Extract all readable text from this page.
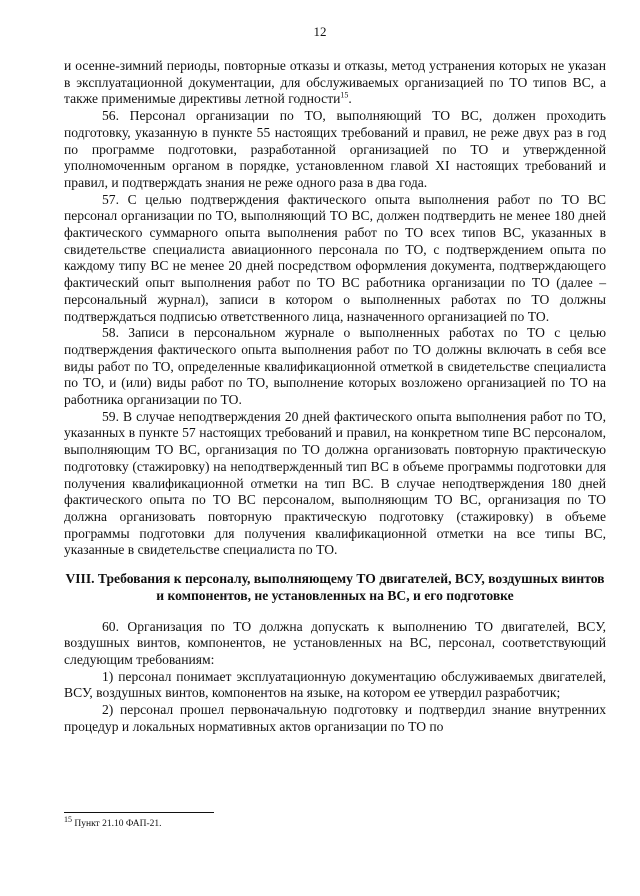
12

и осенне-зимний периоды, повторные отказы и отказы, метод устранения которых не указан в эксплуатационной документации, для обслуживаемых организацией по ТО типов ВС, а также применимые директивы летной годности$^{15}$.

56. Персонал организации по ТО, выполняющий ТО ВС, должен проходить подготовку, указанную в пункте 55 настоящих требований и правил, не реже двух раз в год по программе подготовки, разработанной организацией по ТО и утвержденной уполномоченным органом в порядке, установленном главой XI настоящих требований и правил, и подтверждать знания не реже одного раза в два года.

57. С целью подтверждения фактического опыта выполнения работ по ТО ВС персонал организации по ТО, выполняющий ТО ВС, должен подтвердить не менее 180 дней фактического суммарного опыта выполнения работ по ТО всех типов ВС, указанных в свидетельстве специалиста авиационного персонала по ТО, с подтверждением опыта по каждому типу ВС не менее 20 дней посредством оформления документа, подтверждающего фактический опыт выполнения работ по ТО ВС работника организации по ТО (далее – персональный журнал), записи в котором о выполненных работах по ТО должны подтверждаться подписью ответственного лица, назначенного организацией по ТО.

58. Записи в персональном журнале о выполненных работах по ТО с целью подтверждения фактического опыта выполнения работ по ТО должны включать в себя все виды работ по ТО, определенные квалификационной отметкой в свидетельстве специалиста по ТО, и (или) виды работ по ТО, выполнение которых возложено организацией по ТО на работника организации по ТО.

59. В случае неподтверждения 20 дней фактического опыта выполнения работ по ТО, указанных в пункте 57 настоящих требований и правил, на конкретном типе ВС персоналом, выполняющим ТО ВС, организация по ТО должна организовать повторную практическую подготовку (стажировку) на неподтвержденный тип ВС в объеме программы подготовки для получения квалификационной отметки на тип ВС. В случае неподтверждения 180 дней фактического опыта по ТО ВС персоналом, выполняющим ТО ВС, организация по ТО должна организовать повторную практическую подготовку (стажировку) в объеме программы подготовки для получения квалификационной отметки на все типы ВС, указанные в свидетельстве специалиста по ТО.

VIII. Требования к персоналу, выполняющему ТО двигателей, ВСУ, воздушных винтов и компонентов, не установленных на ВС, и его подготовке

60. Организация по ТО должна допускать к выполнению ТО двигателей, ВСУ, воздушных винтов, компонентов, не установленных на ВС, персонал, соответствующий следующим требованиям:

1) персонал понимает эксплуатационную документацию обслуживаемых двигателей, ВСУ, воздушных винтов, компонентов на языке, на котором ее утвердил разработчик;

2) персонал прошел первоначальную подготовку и подтвердил знание внутренних процедур и локальных нормативных актов организации по ТО по

$^{15}$ Пункт 21.10 ФАП-21.
